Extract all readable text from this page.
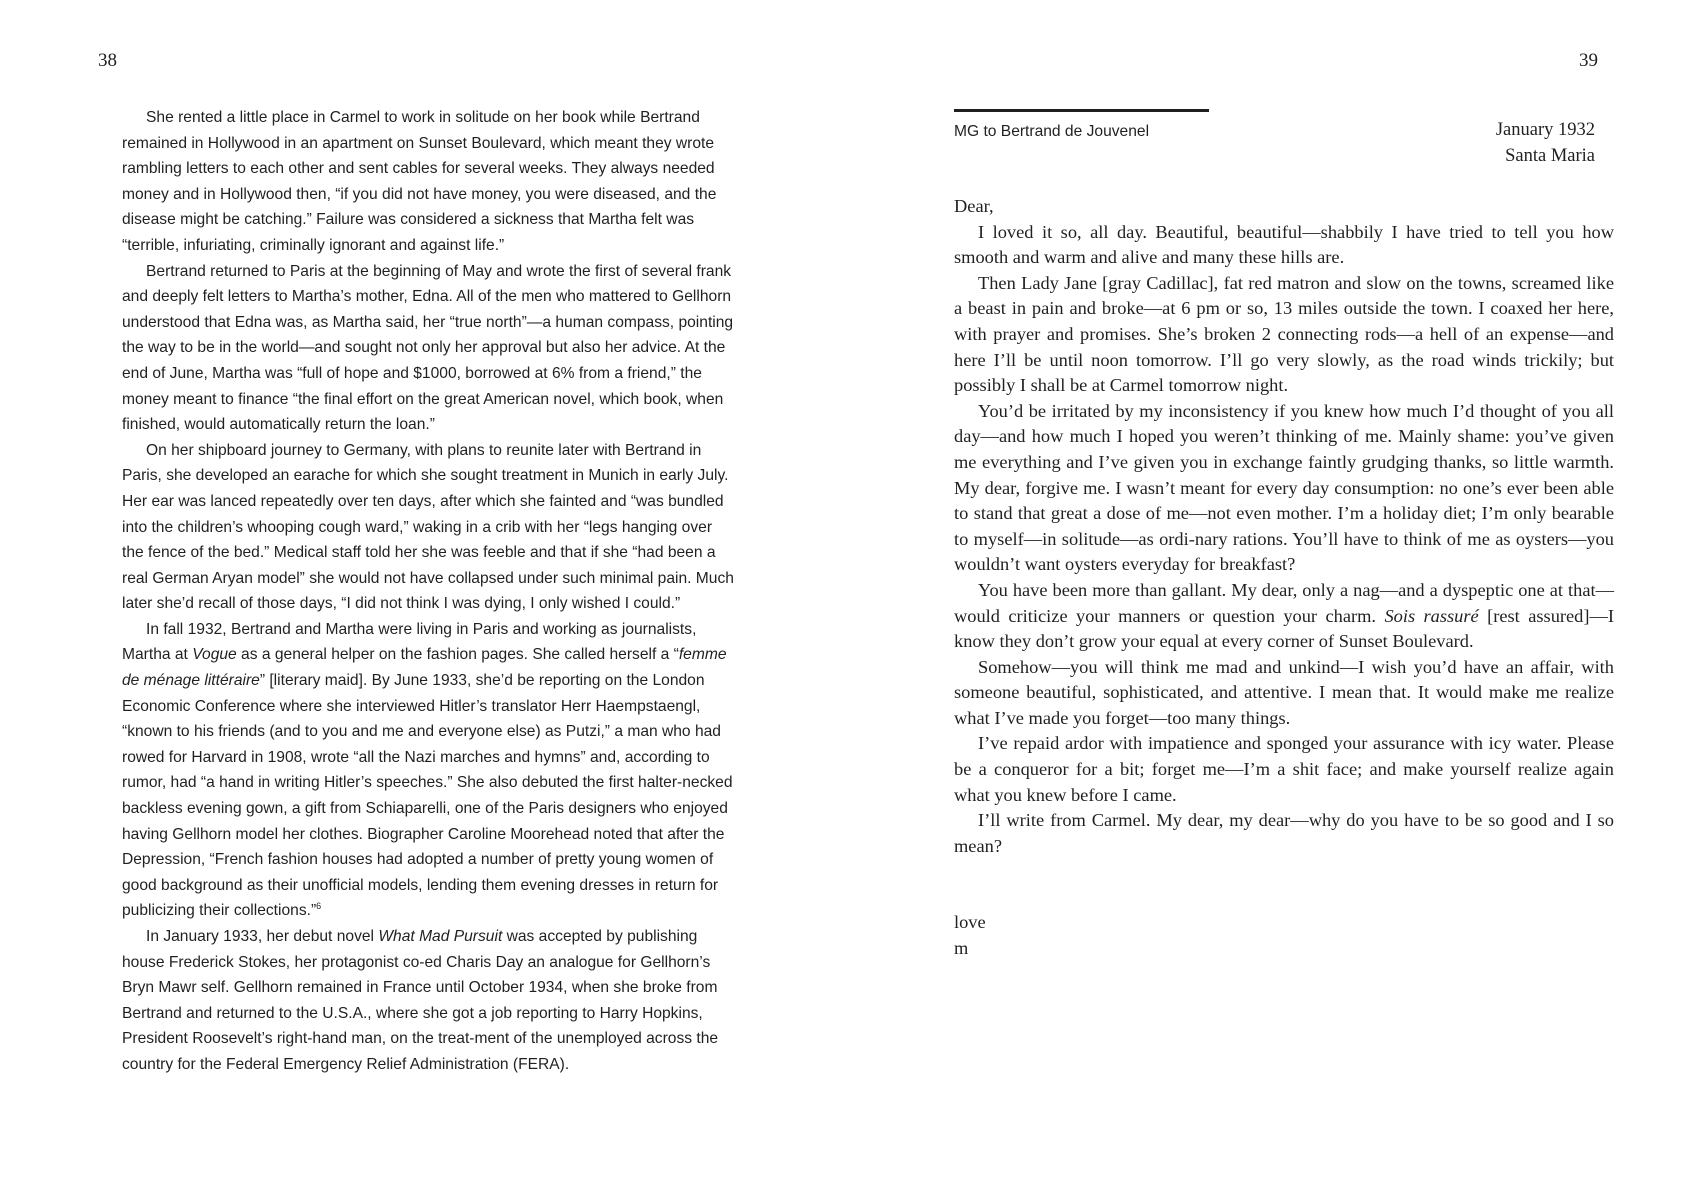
38

She rented a little place in Carmel to work in solitude on her book while Bertrand remained in Hollywood in an apartment on Sunset Boulevard, which meant they wrote rambling letters to each other and sent cables for several weeks. They always needed money and in Hollywood then, “if you did not have money, you were diseased, and the disease might be catching.” Failure was considered a sickness that Martha felt was “terrible, infuriating, criminally ignorant and against life.”

Bertrand returned to Paris at the beginning of May and wrote the first of several frank and deeply felt letters to Martha’s mother, Edna. All of the men who mattered to Gellhorn understood that Edna was, as Martha said, her “true north”—a human compass, pointing the way to be in the world—and sought not only her approval but also her advice. At the end of June, Martha was “full of hope and $1000, borrowed at 6% from a friend,” the money meant to finance “the final effort on the great American novel, which book, when finished, would automatically return the loan.”

On her shipboard journey to Germany, with plans to reunite later with Bertrand in Paris, she developed an earache for which she sought treatment in Munich in early July. Her ear was lanced repeatedly over ten days, after which she fainted and “was bundled into the children’s whooping cough ward,” waking in a crib with her “legs hanging over the fence of the bed.” Medical staff told her she was feeble and that if she “had been a real German Aryan model” she would not have collapsed under such minimal pain. Much later she’d recall of those days, “I did not think I was dying, I only wished I could.”

In fall 1932, Bertrand and Martha were living in Paris and working as journalists, Martha at Vogue as a general helper on the fashion pages. She called herself a “femme de ménage littéraire” [literary maid]. By June 1933, she’d be reporting on the London Economic Conference where she interviewed Hitler’s translator Herr Haempstaengl, “known to his friends (and to you and me and everyone else) as Putzi,” a man who had rowed for Harvard in 1908, wrote “all the Nazi marches and hymns” and, according to rumor, had “a hand in writing Hitler’s speeches.” She also debuted the first halter-necked backless evening gown, a gift from Schiaparelli, one of the Paris designers who enjoyed having Gellhorn model her clothes. Biographer Caroline Moorehead noted that after the Depression, “French fashion houses had adopted a number of pretty young women of good background as their unofficial models, lending them evening dresses in return for publicizing their collections.”$^6$

In January 1933, her debut novel What Mad Pursuit was accepted by publishing house Frederick Stokes, her protagonist co-ed Charis Day an analogue for Gellhorn’s Bryn Mawr self. Gellhorn remained in France until October 1934, when she broke from Bertrand and returned to the U.S.A., where she got a job reporting to Harry Hopkins, President Roosevelt’s right-hand man, on the treat-ment of the unemployed across the country for the Federal Emergency Relief Administration (FERA).

39
MG to Bertrand de Jouvenel	January 1932
Santa Maria

Dear,

I loved it so, all day. Beautiful, beautiful—shabbily I have tried to tell you how smooth and warm and alive and many these hills are.

Then Lady Jane [gray Cadillac], fat red matron and slow on the towns, screamed like a beast in pain and broke—at 6 pm or so, 13 miles outside the town. I coaxed her here, with prayer and promises. She’s broken 2 connecting rods—a hell of an expense—and here I’ll be until noon tomorrow. I’ll go very slowly, as the road winds trickily; but possibly I shall be at Carmel tomorrow night.

You’d be irritated by my inconsistency if you knew how much I’d thought of you all day—and how much I hoped you weren’t thinking of me. Mainly shame: you’ve given me everything and I’ve given you in exchange faintly grudging thanks, so little warmth. My dear, forgive me. I wasn’t meant for every day consumption: no one’s ever been able to stand that great a dose of me—not even mother. I’m a holiday diet; I’m only bearable to myself—in solitude—as ordi-nary rations. You’ll have to think of me as oysters—you wouldn’t want oysters everyday for breakfast?

You have been more than gallant. My dear, only a nag—and a dyspeptic one at that—would criticize your manners or question your charm. Sois rassuré [rest assured]—I know they don’t grow your equal at every corner of Sunset Boulevard.

Somehow—you will think me mad and unkind—I wish you’d have an affair, with someone beautiful, sophisticated, and attentive. I mean that. It would make me realize what I’ve made you forget—too many things.

I’ve repaid ardor with impatience and sponged your assurance with icy water. Please be a conqueror for a bit; forget me—I’m a shit face; and make yourself realize again what you knew before I came.

I’ll write from Carmel. My dear, my dear—why do you have to be so good and I so mean?

love
m
